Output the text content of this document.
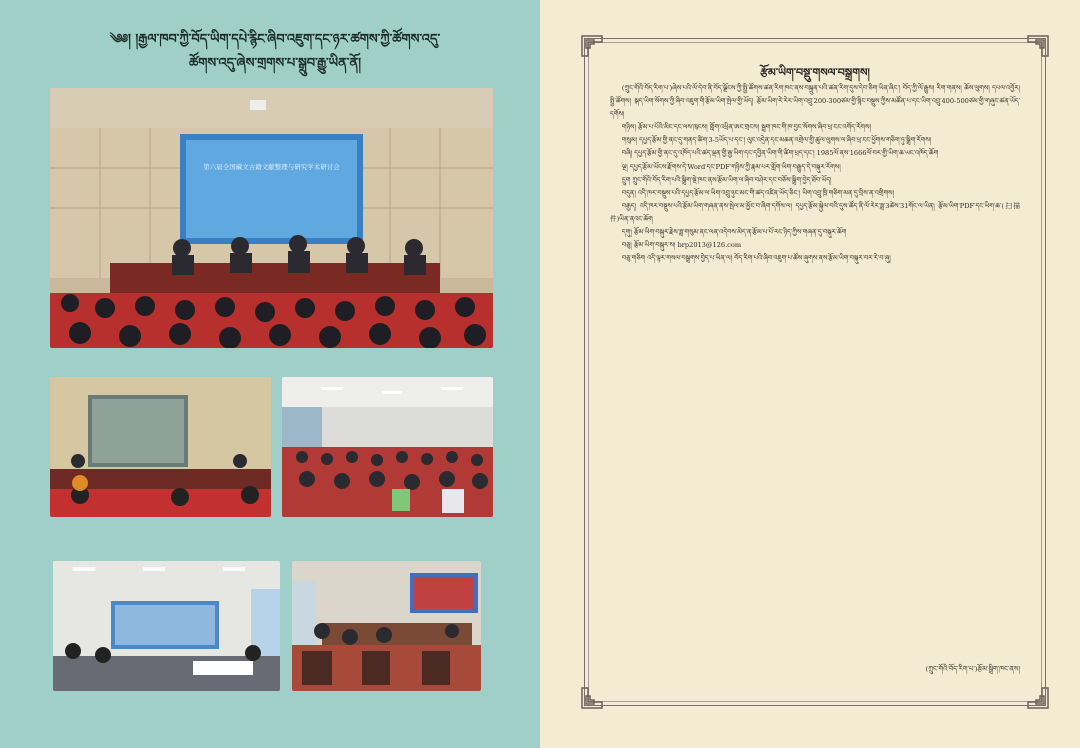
༄༅། །རྒྱལ་ཁབ་ཀྱི་བོད་ཡིག་དཔེ་རྙིང་ཞིབ་འཇུག་དང་ཉར་ཚགས་ཀྱི་ཚོགས་འདུ་
ཚོགས་འདུ་ཞེས་གྲགས་པ་སྒྲུབ་རྒྱུ་ཡིན་ནོ།
第六届全国藏文古籍文献整理与研究学术研讨会
རྩོམ་ཡིག་བསྡུ་གསལ་བསྒྲགས།

(ཀྲུང་གོའི་བོད་རིག་པ་)ཞེས་པའི་ལོ་དེབ་ནི་བོད་ལྗོངས་ཀྱི་སྤྱི་ཚོགས་ཚན་རིག་ཁང་ནས་བསྐྲུན་པའི་ཚན་རིག་དུས་དེབ་ཅིག་ཡིན་ཞིང་། བོད་ཀྱི་ལོ་རྒྱུས། རིག་གནས། ཆོས་ལུགས། དཔལ་འབྱོར། སྤྱི་ཚོགས། སྐད་ཡིག་སོགས་ཀྱི་ཞིབ་འཇུག་གི་རྩོམ་ཡིག་སྤེལ་གྱི་ཡོད། རྩོམ་ཡིག་རེ་རེར་ཡིག་འབྲུ་200-300ཙམ་གྱི་སྙིང་བསྡུས་ཀྱིས་མཚོན་པ་དང་ཡིག་འབྲུ་400-500ཙམ་གྱི་གཞུང་ཚན་ཡོད་དགོས།

གཉིས། རྩོམ་པ་པོའི་མིང་དང་ལས་ཁུངས། གློག་འཕྲིན་ཨང་གྲངས། སྦྲག་ཁང་གི་ཁ་བྱང་སོགས་ཞིབ་ཕྲ་ངང་འགོད་རོགས།

གསུམ། དཔྱད་རྩོམ་གྱི་ནང་དུ་གནད་ཚིག་3-5ཡོད་པ་དང་། ལུང་འདྲེན་དང་མཆན་འགྲེལ་གྱི་ཚུལ་ལུགས་ལ་ཞིབ་ཕྲ་ངང་ཕྱོགས་གཅིག་ཏུ་སྒྲིག་རོགས།

བཞི། དཔྱད་རྩོམ་གྱི་ནང་དུ་འཁོད་པའི་ཚད་ལྡན་གྱི་རྒྱ་ཡིག་དང་དབྱིན་ཡིག་གི་ཚིག་ཕྲད་དང་། 1985ལོ་ནས་1666ལོ་བར་གྱི་ཡིག་ཆ་ཡང་འཁོད་ཆོག

ལྔ། དཔྱད་རྩོམ་ཡོངས་རྫོགས་དེ་Word་དང་PDF་གཉིས་ཀྱི་རྣམ་པར་གློག་ཡིག་བརྒྱུད་དེ་བསྐུར་རོགས།

དྲུག ཀྲུང་གོའི་བོད་རིག་པའི་སྒྲིག་སྡེ་ཁང་ནས་རྩོམ་ཡིག་ལ་ཞིབ་བཤེར་དང་བཅོས་སྒྲིག་བྱེད་ཐོབ་ཡོད།

བདུན། འདི་ཁར་བསྡུས་པའི་དཔྱད་རྩོམ་ལ་ཡིག་འབྲུ་ཉུང་མང་གི་ཚད་འཛིན་ཡོད་ཅིང་། ཡིག་འབྲུ་ཁྲི་གཅིག་མན་དུ་བྲིས་ན་འགྲིགས།

བརྒྱད། འདི་ཁར་བསྡུས་པའི་རྩོམ་ཡིག་གཞན་ནས་སྤེལ་མ་མྱོང་བ་ཞིག་དགོས་ལ། དཔྱད་རྩོམ་སྐྱེལ་བའི་དུས་ཚོད་ནི་ལོ་རེར་ཟླ་3ཚེས་31གོང་ལ་ཡིན། རྩོམ་ཡིག་PDF་དང་ཡིག་ཆ་(扫描件)ཡིན་ནའང་ཆོག

དགུ། རྩོམ་ཡིག་བསྐུར་རྗེས་ཟླ་གསུམ་ནང་ལན་འདེབས་མེད་ན་རྩོམ་པ་པོ་རང་ཉིད་ཀྱིས་གཞན་དུ་བསྐུར་ཆོག

བཅུ། རྩོམ་ཡིག་བསྐུར་ས། brp2013@126.com

བཅུ་གཅིག འདི་ལྟར་གསལ་བསྒྲགས་བྱེད་པ་ཡིན་ལ། བོད་རིག་པའི་ཞིབ་འཇུག་པ་ཚོས་ཞུགས་ནས་རྩོམ་ཡིག་བསྐུར་བར་རེ་བ་ཞུ།

(ཀྲུང་གོའི་བོད་རིག་པ་)རྩོམ་སྒྲིག་ཁང་ནས།
